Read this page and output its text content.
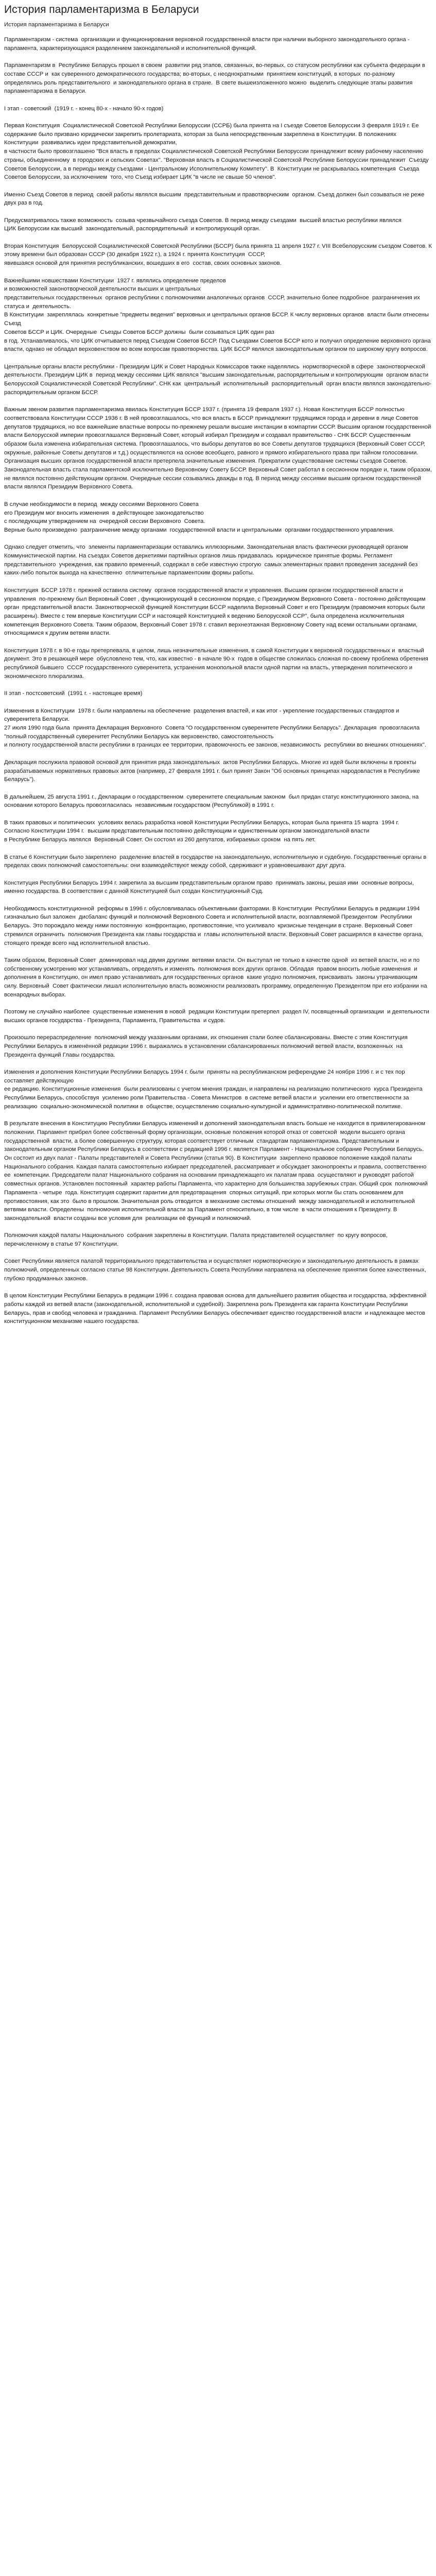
История парламентаризма в Беларуси
История парламентаризма в Беларуси
Парламентаризм - система  организации и функционирования верховной государственной власти при наличии выборного законодательного органа - парламента, характеризующаяся разделением законодательной и исполнительной функций.
Парламентаризм в  Республике Беларусь прошел в своем  развитии ряд этапов, связанных, во-первых, со статусом республики как субъекта федерации в составе СССР и  как суверенного демократического государства; во-вторых, с неоднократными  принятием конституций, в которых  по-разному определялись роль представительного  и законодательного органа в стране.  В свете вышеизложенного можно  выделить следующие этапы развития парламентаризма в Беларуси.
I этап - советский  (1919 г. - конец 80-х - начало 90-х годов)
Первая Конституция  Социалистической Советской Республики Белоруссии (ССРБ) была принята на I съезде Советов Белоруссии 3 февраля 1919 г. Ее содержание было призвано юридически закрепить пролетариата, которая за была непосредственным закреплена в Конституции. В положениях Конституции  развивались идеи представительной демократии,
в частности было провозглашено "Вся власть в пределах Социалистической Советской Республики Белоруссии принадлежит всему рабочему населению страны, объединенному  в городских и сельских Советах". "Верховная власть в Социалистической Советской Республике Белоруссии принадлежит  Съезду Советов Белоруссии, а в периоды между съездами - Центральному Исполнительному Комитету". В  Конституции не раскрывалась компетенция  Съезда Советов Белоруссии, за исключением  того, что Съезд избирает ЦИК "в числе не свыше 50 членов".
Именно Съезд Советов в период  своей работы являлся высшим  представительным и правотворческим  органом. Съезд должен был созываться не реже двух раз в год.
Предусматривалось также возможность  созыва чрезвычайного съезда Советов. В период между съездами  высшей властью республики являлся
ЦИК Белоруссии как высший  законодательный, распорядительный  и контролирующий орган.
Вторая Конституция  Белорусской Социалистической Советской Республики (БССР) была принята 11 апреля 1927 г. VIII Всебелорусским съездом Советов. К этому времени был образован СССР (30 декабря 1922 г.), а 1924 г. принята Конституция  СССР,
явившаяся основой для принятия республиканских, вошедших в его  состав, своих основных законов.
Важнейшими новшествами Конституции  1927 г. являлись определение пределов
и возможностей законотворческой деятельности высших и центральных
представительных государственных  органов республики с полномочиями аналогичных органов  СССР, значительно более подробное  разграничения их статуса и  деятельность.
В Конституции  закреплялась  конкретные "предметы ведения" верховных и центральных органов БССР. К числу верховных органов  власти были отнесены Съезд
Советов БССР и ЦИК. Очередные  Съезды Советов БССР должны  были созываться ЦИК один раз
в год. Устанавливалось, что ЦИК отчитывается перед Съездом Советов БССР. Под Съездами Советов БССР кото и получил определение верховного органа власти, однако не обладал верховенством во всем вопросам правотворчества. ЦИК БССР являлся законодательным органом по широкому кругу вопросов.
Центральные органы власти республики - Президиум ЦИК и Совет Народных Комиссаров также наделялись  нормотворческой в сфере  законотворческой  деятельности. Президиум ЦИК в  период между сессиями ЦИК являлся "высшим законодательным, распорядительным и контролирующим  органом власти Белорусской Социалистической Советской Республики". СНК как  центральный  исполнительный  распорядительный  орган власти являлся законодательно-распорядительным органом БССР.
Важным звеном развития парламентаризма явилась Конституция БССР 1937 г. (принята 19 февраля 1937 г.). Новая Конституция БССР полностью соответствовала Конституции СССР 1936 г. В ней провозглашалось, что вся власть в БССР принадлежит трудящимся города и деревни в лице Советов депутатов трудящихся, но все важнейшие властные вопросы по-прежнему решали высшие инстанции в компартии СССР. Высшим органом государственной власти Белорусской империи провозглашался Верховный Совет, который избирал Президиум и создавал правительство - СНК БССР. Существенным образом была изменена избирательная система. Провозглашалось, что выборы депутатов во все Советы депутатов трудящихся (Верховный Совет СССР, окружные, районные Советы депутатов и т.д.) осуществляются на основе всеобщего, равного и прямого избирательного права при тайном голосовании. Организация высших органов государственной власти претерпела значительные изменения. Прекратили существование системы съездов Советов. Законодательная власть стала парламентской исключительно Верховному Совету БССР. Верховный Совет работал в сессионном порядке и, таким образом, не являлся постоянно действующим органом. Очередные сессии созывались дважды в год. В период между сессиями высшим органом государственной власти являлся Президиум Верховного Совета.
В случае необходимости в период  между сессиями Верховного Совета
его Президиум мог вносить изменения  в действующее законодательство
с последующим утверждением на  очередной сессии Верховного  Совета.
Верные было произведено  разграничение между органами  государственной власти и центральными  органами государственного управления.
Однако следует отметить, что  элементы парламентаризации оставались иллюзорными. Законодательная власть фактически руководящей органом Коммунистической партии. На съездах Советов деркетиями партийных органов лишь придавалась  юридическое принятые формы. Регламент представительного  учреждения, как правило временный, содержал в себе известную строгую  самых элементарных правил проведения заседаний без каких-либо попыток выхода на качественно  отличительные парламентским формы работы.
Конституция  БССР 1978 г. прежней оставила систему  органов государственной власти и управления. Высшим органом государственной власти и управления  по-прежнему был Верховный Совет , функционирующий в сессионном порядке, с Президиумом Верховного Совета - постоянно действующим орган  представительной власти. Законотворческой функцией Конституции БССР наделила Верховный Совет и его Президиум (правомочия которых были расширены). Вместе с тем впервые Конституции ССР и настоящей Конституцией к ведению Белорусской ССР", была определена исключительная компетенция Верховного Совета. Таким образом, Верховный Совет 1978 г. ставил верхнеэтажная Верховному Совету над всеми остальными органами, относящимися к другим ветвям власти.
Конституция 1978 г. в 90-е годы претерпевала, в целом, лишь незначительные изменения, в самой Конституции к верховной государственных и  властный  документ. Это в решающей мере  обусловлено тем, что, как известно - в начале 90-х  годов в обществе сложилась сложная по-своему проблема обретения республикой бывшего  СССР государственного суверенитета, устранения монопольной власти одной партии на власть, утверждения политического и экономического плюрализма.
II этап - постсоветский  (1991 г. - настоящее время)
Изменения в Конституции  1978 г. были направлены на обеспечение  разделения властей, и как итог - укрепление государственных стандартов и суверенитета Беларуси.
27 июля 1990 года была  принята Декларация Верховного  Совета "О государственном суверенитете Республики Беларусь". Декларация  провозгласила "полный государственный суверенитет Республики Беларусь как верховенство, самостоятельность
и полноту государственной власти республики в границах ее территории, правомочность ее законов, независимость  республики во внешних отношениях".
Декларация послужила правовой основой для принятия ряда законодательных  актов Республики Беларусь. Многие из идей были включены в проекты  разрабатываемых нормативных правовых актов (например, 27 февраля 1991 г. был принят Закон "Об основных принципах народовластия в Республике Беларусь").
В дальнейшем, 25 августа 1991 г., Декларации о государственном  суверенитете специальным законом  был придан статус конституционного закона, на основании которого Беларусь провозгласилась  независимым государством (Республикой) в 1991 г.
В таких правовых и политических  условиях велась разработка новой Конституции Республики Беларусь, которая была принята 15 марта  1994 г.
Согласно Конституции 1994 г.  высшим представительным постоянно действующим и единственным органом законодательной власти
в Республике Беларусь являлся  Верховный Совет. Он состоял из 260 депутатов, избираемых сроком  на пять лет.
В статье 6 Конституции было закреплено  разделение властей в государстве на законодательную, исполнительную и судебную. Государственные органы в пределах своих полномочий самостоятельны: они взаимодействуют между собой, сдерживают и уравновешивают друг друга.
Конституция Республики Беларусь 1994 г. закрепила за высшим представительным органом право  принимать законы, решая ими  основные вопросы, именно государства. В соответствии с данной Конституцией был создан Конституционный Суд.
Необходимость конституционной  реформы в 1996 г. обусловливалась объективными факторами. В Конституции  Республики Беларусь в редакции 1994 г.изначально был заложен  дисбаланс функций и полномочий Верховного Совета и исполнительной власти, возглавляемой Президентом  Республики Беларусь. Это порождало между ними постоянную  конфронтацию, противостояние, что усиливало  кризисные тенденции в стране. Верховный Совет стремился ограничить  полномочия Президента как главы государства и  главы исполнительной власти. Верховный Совет расширялся в качестве органа, стоящего прежде всего над исполнительной властью.
Таким образом, Верховный Совет  доминировал над двумя другими  ветвями власти. Он выступал не только в качестве одной  из ветвей власти, но и по собственному усмотрению мог устанавливать, определять и изменять  полномочия всех других органов. Обладая  правом вносить любые изменения  и дополнения в Конституцию, он имел право устанавливать для государственных органов  какие угодно полномочия, присваивать  законы утрачивающим силу. Верховный  Совет фактически лишал исполнительную власть возможности реализовать программу, определенную Президентом при его избрании на всенародных выборах.
Поэтому не случайно наиболее  существенные изменения в новой  редакции Конституции претерпел  раздел IV, посвященный организации  и деятельности высших органов государства - Президента, Парламента, Правительства  и судов.
Произошло перераспределение  полномочий между указанными органами, их отношения стали более сбалансированы. Вместе с этим Конституция Республики Беларусь в изменённой редакции 1996 г. выражались в установлении сбалансированных полномочий ветвей власти, возложенных  на Президента функций Главы государства.
Изменения и дополнения Конституции Республики Беларусь 1994 г. были  приняты на республиканском референдуме 24 ноября 1996 г. и с тех пор составляет действующую
ее редакцию. Конституционные изменения  были реализованы с учетом мнения граждан, и направлены на реализацию политического  курса Президента Республики Беларусь, способствуя  усилению роли Правительства - Совета Министров  в системе ветвей власти и  усилении его ответственности за реализацию  социально-экономической политики в  обществе, осуществлению социально-культурной и административно-политической политике.
В результате внесения в Конституцию Республики Беларусь изменений и дополнений законодательная власть больше не находится в привилегированном положении. Парламент прибрел более собственный форму организации, основные положения которой отказ от советской  модели высшего органа государственной  власти, а более совершенную структуру, которая соответствует отличным  стандартам парламентаризма. Представительным и законодательным органом Республики Беларусь в соответствии с редакцией 1996 г. является Парламент - Национальное собрание Республики Беларусь. Он состоит из двух палат - Палаты представителей и Совета Республики (статья 90). В Конституции  закреплено правовое положение каждой палаты Национального собрания. Каждая палата самостоятельно избирает председателей, рассматривает и обсуждает законопроекты и правила, соответственно ее  компетенции. Председатели палат Национального собрания на основании принадлежащего их палатам права  осуществляют и руководят работой  совместных органов. Установлен постоянный  характер работы Парламента, что характерно для большинства зарубежных стран. Общий срок  полномочий Парламента - четыре  года. Конституция содержит гарантии для предотвращения  спорных ситуаций, при которых могли бы стать основанием для противостояния, как это  было в прошлом. Значительная роль отводится  в механизме системы отношений  между законодательной и исполнительной  ветвями власти. Определены  полномочия исполнительной власти за Парламент относительно, в том числе  в части отношения к Президенту. В законодательной  власти созданы все условия для  реализации её функций и полномочий.
Полномочия каждой палаты Национального  собрания закреплены в Конституции. Палата представителей осуществляет  по кругу вопросов, перечисленному в статье 97 Конституции.
Совет Республики является палатой территориального представительства и осуществляет нормотворческую и законодательную деятельность в рамках полномочий, определенных согласно статье 98 Конституции. Деятельность Совета Республики направлена на обеспечение принятия более качественных, глубоко продуманных законов.
В целом Конституции Республики Беларусь в редакции 1996 г. создана правовая основа для дальнейшего развития общества и государства, эффективной работы каждой из ветвей власти (законодательной, исполнительной и судебной). Закреплена роль Президента как гаранта Конституции Республики Беларусь, прав и свобод человека и гражданина. Парламент Республики Беларусь обеспечивает единство государственной власти  и надлежащее местов конституционном механизме нашего государства.
